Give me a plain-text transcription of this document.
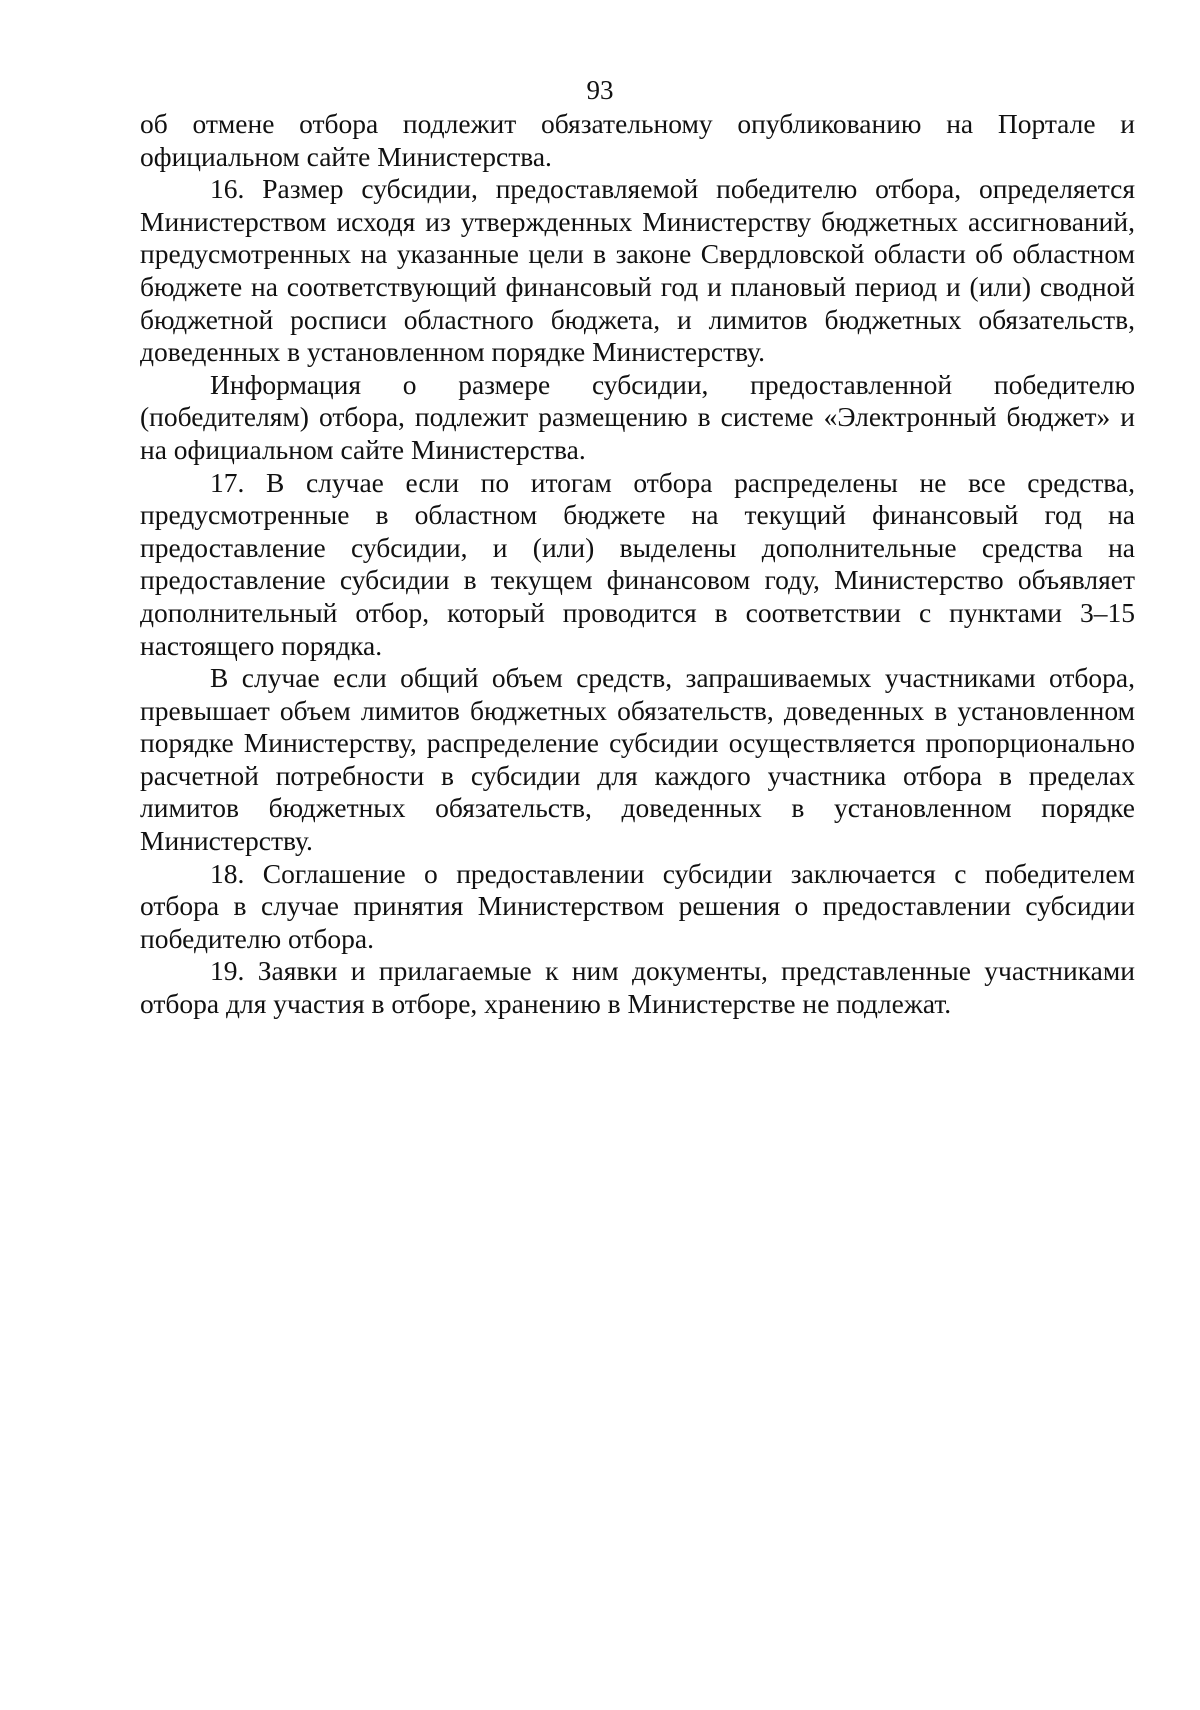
93

об отмене отбора подлежит обязательному опубликованию на Портале и официальном сайте Министерства.

16. Размер субсидии, предоставляемой победителю отбора, определяется Министерством исходя из утвержденных Министерству бюджетных ассигнований, предусмотренных на указанные цели в законе Свердловской области об областном бюджете на соответствующий финансовый год и плановый период и (или) сводной бюджетной росписи областного бюджета, и лимитов бюджетных обязательств, доведенных в установленном порядке Министерству.

Информация о размере субсидии, предоставленной победителю (победителям) отбора, подлежит размещению в системе «Электронный бюджет» и на официальном сайте Министерства.

17. В случае если по итогам отбора распределены не все средства, предусмотренные в областном бюджете на текущий финансовый год на предоставление субсидии, и (или) выделены дополнительные средства на предоставление субсидии в текущем финансовом году, Министерство объявляет дополнительный отбор, который проводится в соответствии с пунктами 3–15 настоящего порядка.

В случае если общий объем средств, запрашиваемых участниками отбора, превышает объем лимитов бюджетных обязательств, доведенных в установленном порядке Министерству, распределение субсидии осуществляется пропорционально расчетной потребности в субсидии для каждого участника отбора в пределах лимитов бюджетных обязательств, доведенных в установленном порядке Министерству.

18. Соглашение о предоставлении субсидии заключается с победителем отбора в случае принятия Министерством решения о предоставлении субсидии победителю отбора.

19. Заявки и прилагаемые к ним документы, представленные участниками отбора для участия в отборе, хранению в Министерстве не подлежат.
